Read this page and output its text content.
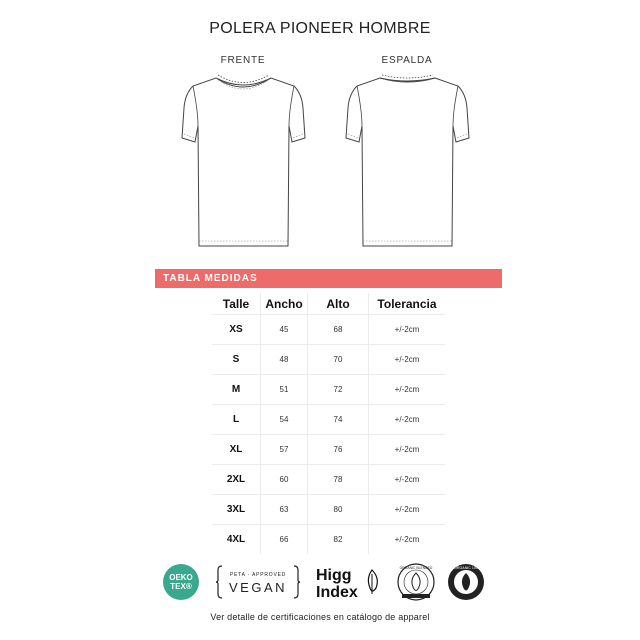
POLERA PIONEER HOMBRE
FRENTE	ESPALDA
TABLA MEDIDAS
Talle	Ancho	Alto	Tolerancia
XS	45	68	+/-2cm
S	48	70	+/-2cm
M	51	72	+/-2cm
L	54	74	+/-2cm
XL	57	76	+/-2cm
2XL	60	78	+/-2cm
3XL	63	80	+/-2cm
4XL	66	82	+/-2cm
OEKO
TEX®
PETA · APPROVED
VEGAN
Higg
Index
ORGANIC BLENDED	ORGANIC 100
Ver detalle de certificaciones en catálogo de apparel
